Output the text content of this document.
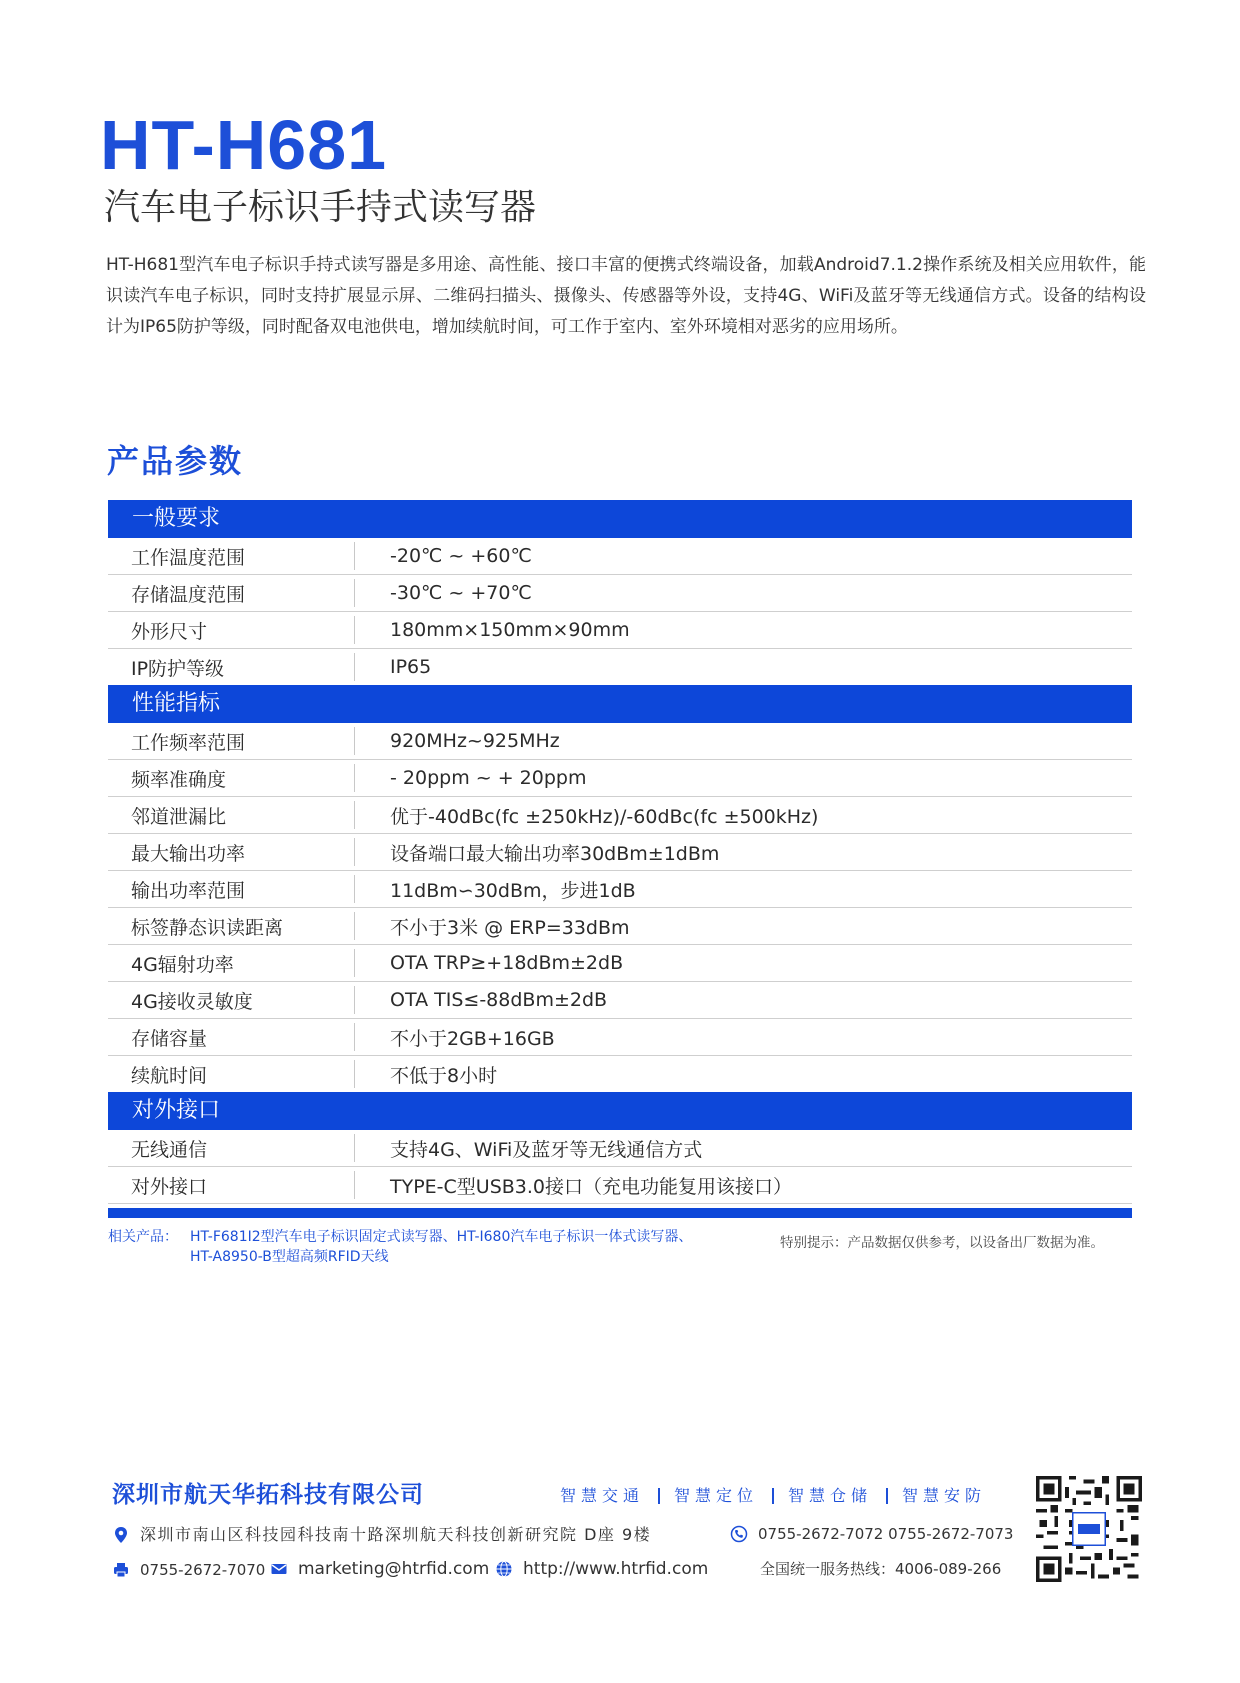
HT-H681
汽车电子标识手持式读写器
HT-H681型汽车电子标识手持式读写器是多用途、高性能、接口丰富的便携式终端设备，加载Android7.1.2操作系统及相关应用软件，能识读汽车电子标识，同时支持扩展显示屏、二维码扫描头、摄像头、传感器等外设，支持4G、WiFi及蓝牙等无线通信方式。设备的结构设计为IP65防护等级，同时配备双电池供电，增加续航时间，可工作于室内、室外环境相对恶劣的应用场所。
产品参数
一般要求
工作温度范围	-20℃ ~ +60℃
存储温度范围	-30℃ ~ +70℃
外形尺寸	180mm×150mm×90mm
IP防护等级	IP65
性能指标
工作频率范围	920MHz~925MHz
频率准确度	- 20ppm ~ + 20ppm
邻道泄漏比	优于-40dBc(fc ±250kHz)/-60dBc(fc ±500kHz)
最大输出功率	设备端口最大输出功率30dBm±1dBm
输出功率范围	11dBm∽30dBm，步进1dB
标签静态识读距离	不小于3米 @ ERP=33dBm
4G辐射功率	OTA TRP≥+18dBm±2dB
4G接收灵敏度	OTA TIS≤-88dBm±2dB
存储容量	不小于2GB+16GB
续航时间	不低于8小时
对外接口
无线通信	支持4G、WiFi及蓝牙等无线通信方式
对外接口	TYPE-C型USB3.0接口（充电功能复用该接口）
相关产品： HT-F681I2型汽车电子标识固定式读写器、HT-I680汽车电子标识一体式读写器、
HT-A8950-B型超高频RFID天线
特别提示：产品数据仅供参考，以设备出厂数据为准。
深圳市航天华拓科技有限公司	智慧交通 智慧定位 智慧仓储 智慧安防
深圳市南山区科技园科技南十路深圳航天科技创新研究院 D座 9楼	0755-2672-7072 0755-2672-7073
0755-2672-7070 marketing@htrfid.com http://www.htrfid.com	全国统一服务热线：4006-089-266
